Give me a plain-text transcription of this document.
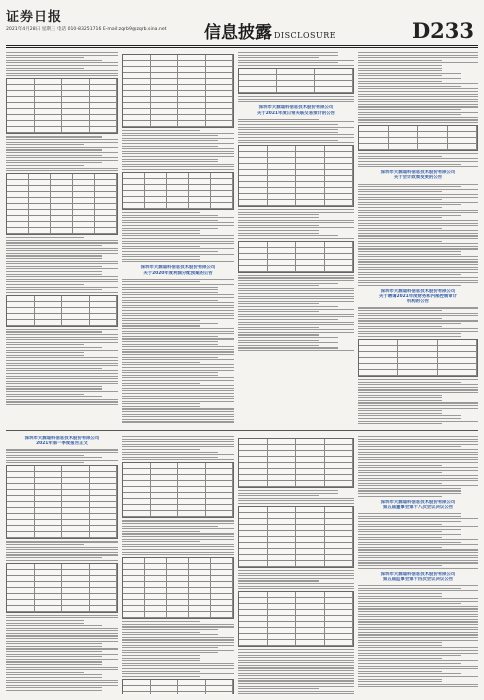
证券日报
2021年4月28日 星期三 电话 010-83251716 E-mail:zqrb9@zqrb.sina.net	信息披露 DISCLOSURE	D233
深圳市天源迪科信息技术股份有限公司
关于2020年度利润分配预案的公告
深圳市天源迪科信息技术股份有限公司
关于2021年度日常关联交易预计的公告
深圳市天源迪科信息技术股份有限公司
关于会计政策变更的公告
深圳市天源迪科信息技术股份有限公司
关于聘请2021年度财务和内部控制审计
机构的公告
深圳市天源迪科信息技术股份有限公司
2021年第一季度报告正文
深圳市天源迪科信息技术股份有限公司
第五届董事会第十八次会议决议公告
深圳市天源迪科信息技术股份有限公司
第五届监事会第十四次会议决议公告
